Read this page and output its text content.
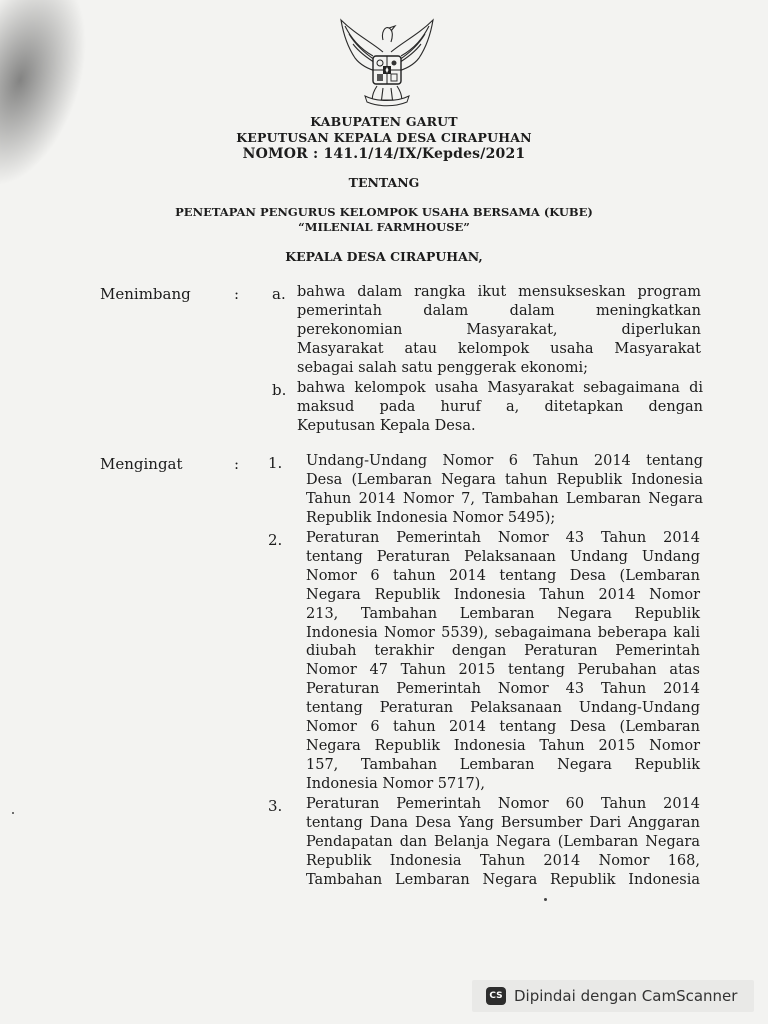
KABUPATEN GARUT
KEPUTUSAN KEPALA DESA CIRAPUHAN
NOMOR : 141.1/14/IX/Kepdes/2021
TENTANG
PENETAPAN PENGURUS KELOMPOK USAHA BERSAMA (KUBE)
“MILENIAL FARMHOUSE”
KEPALA DESA CIRAPUHAN,
Menimbang	: a. bahwa dalam rangka ikut mensukseskan program
pemerintah dalam dalam meningkatkan
perekonomian Masyarakat, diperlukan
Masyarakat atau kelompok usaha Masyarakat
sebagai salah satu penggerak ekonomi;
b. bahwa kelompok usaha Masyarakat sebagaimana di
maksud pada huruf a, ditetapkan dengan
Keputusan Kepala Desa.
Mengingat	: 1. Undang-Undang Nomor 6 Tahun 2014 tentang
Desa (Lembaran Negara tahun Republik Indonesia
Tahun 2014 Nomor 7, Tambahan Lembaran Negara
Republik Indonesia Nomor 5495);
2. Peraturan Pemerintah Nomor 43 Tahun 2014
tentang Peraturan Pelaksanaan Undang Undang
Nomor 6 tahun 2014 tentang Desa (Lembaran
Negara Republik Indonesia Tahun 2014 Nomor
213, Tambahan Lembaran Negara Republik
Indonesia Nomor 5539), sebagaimana beberapa kali
diubah terakhir dengan Peraturan Pemerintah
Nomor 47 Tahun 2015 tentang Perubahan atas
Peraturan Pemerintah Nomor 43 Tahun 2014
tentang Peraturan Pelaksanaan Undang-Undang
Nomor 6 tahun 2014 tentang Desa (Lembaran
Negara Republik Indonesia Tahun 2015 Nomor
157, Tambahan Lembaran Negara Republik
Indonesia Nomor 5717),
3. Peraturan Pemerintah Nomor 60 Tahun 2014
tentang Dana Desa Yang Bersumber Dari Anggaran
Pendapatan dan Belanja Negara (Lembaran Negara
Republik Indonesia Tahun 2014 Nomor 168,
Tambahan Lembaran Negara Republik Indonesia
CS Dipindai dengan CamScanner
